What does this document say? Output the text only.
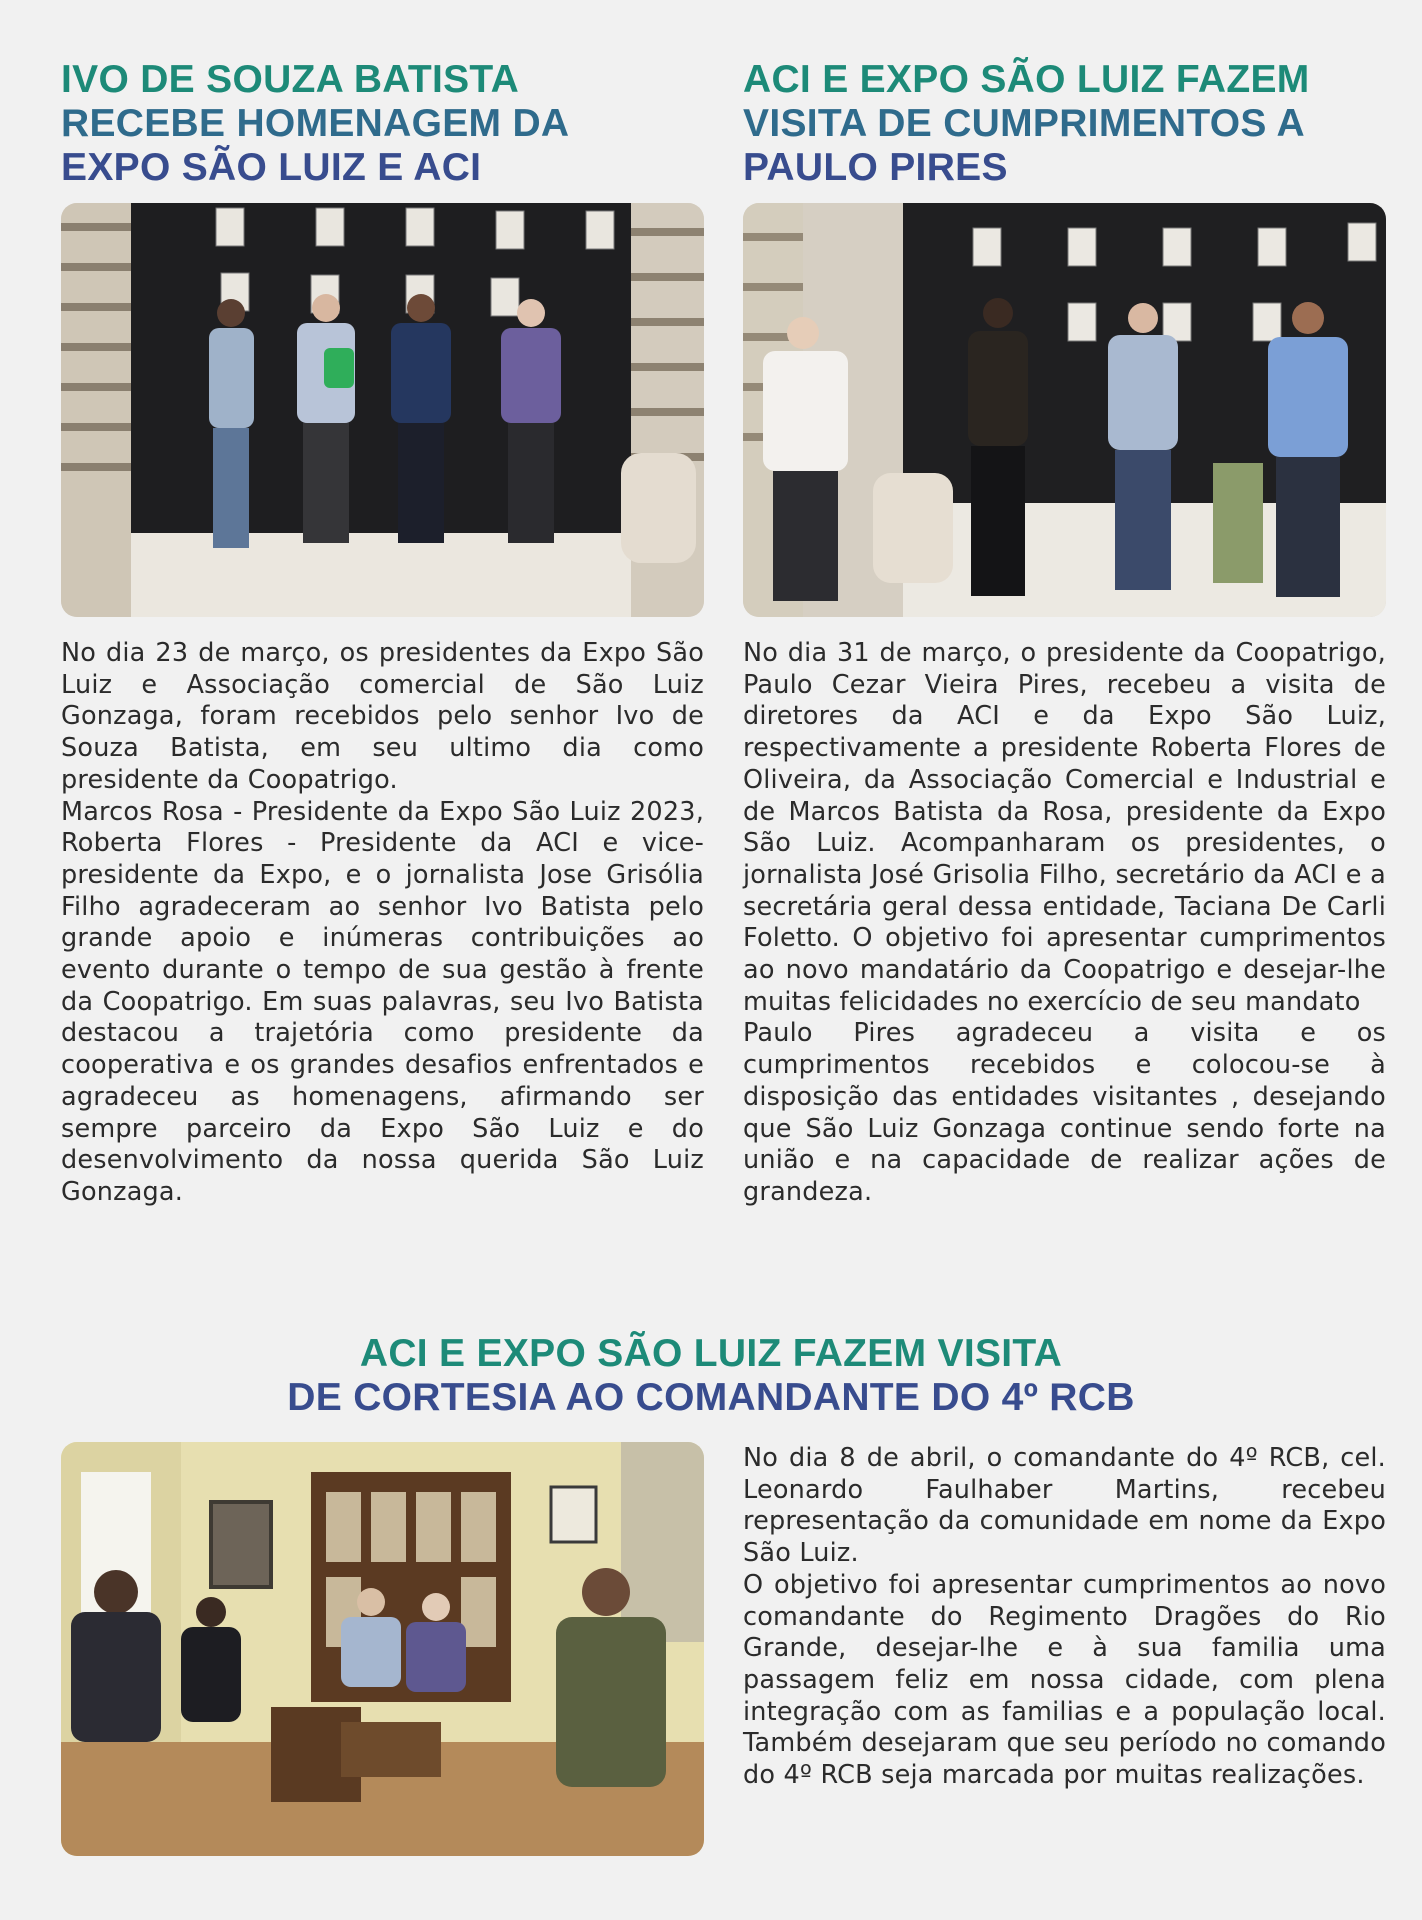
IVO DE SOUZA BATISTA
RECEBE HOMENAGEM DA
EXPO SÃO LUIZ E ACI

No dia 23 de março, os presidentes da Expo São Luiz e Associação comercial de São Luiz Gonzaga, foram recebidos pelo senhor Ivo de Souza Batista, em seu ultimo dia como presidente da Coopatrigo.

Marcos Rosa - Presidente da Expo São Luiz 2023, Roberta Flores - Presidente da ACI e vice-presidente da Expo, e o jornalista Jose Grisólia Filho agradeceram ao senhor Ivo Batista pelo grande apoio e inúmeras contribuições ao evento durante o tempo de sua gestão à frente da Coopatrigo. Em suas palavras, seu Ivo Batista destacou a trajetória como presidente da cooperativa e os grandes desafios enfrentados e agradeceu as homenagens, afirmando ser sempre parceiro da Expo São Luiz e do desenvolvimento da nossa querida São Luiz Gonzaga.

ACI E EXPO SÃO LUIZ FAZEM
VISITA DE CUMPRIMENTOS A
PAULO PIRES

No dia 31 de março, o presidente da Coopatrigo, Paulo Cezar Vieira Pires, recebeu a visita de diretores da ACI e da Expo São Luiz, respectivamente a presidente Roberta Flores de Oliveira, da Associação Comercial e Industrial e de Marcos Batista da Rosa, presidente da Expo São Luiz. Acompanharam os presidentes, o jornalista José Grisolia Filho, secretário da ACI e a secretária geral dessa entidade, Taciana De Carli Foletto. O objetivo foi apresentar cumprimentos ao novo mandatário da Coopatrigo e desejar-lhe muitas felicidades no exercício de seu mandato

Paulo Pires agradeceu a visita e os cumprimentos recebidos e colocou-se à disposição das entidades visitantes , desejando que São Luiz Gonzaga continue sendo forte na união e na capacidade de realizar ações de grandeza.

ACI E EXPO SÃO LUIZ FAZEM VISITA
DE CORTESIA AO COMANDANTE DO 4º RCB

No dia 8 de abril, o comandante do 4º RCB, cel. Leonardo Faulhaber Martins, recebeu representação da comunidade em nome da Expo São Luiz.

O objetivo foi apresentar cumprimentos ao novo comandante do Regimento Dragões do Rio Grande, desejar-lhe e à sua familia uma passagem feliz em nossa cidade, com plena integração com as familias e a população local. Também desejaram que seu período no comando do 4º RCB seja marcada por muitas realizações.
